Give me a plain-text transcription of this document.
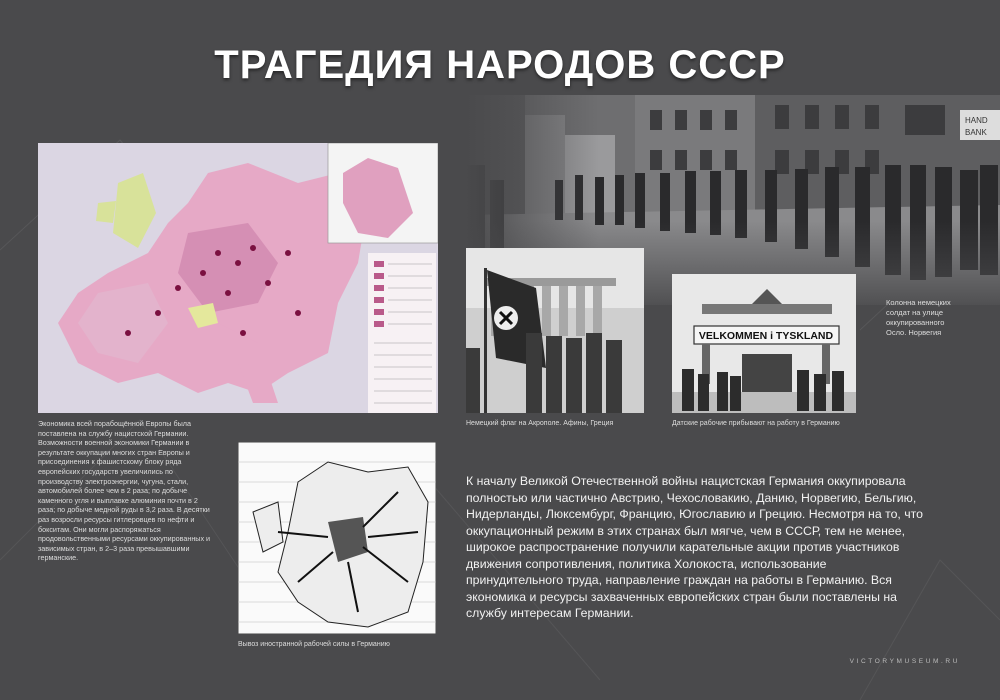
ТРАГЕДИЯ НАРОДОВ СССР
Экономика всей порабощённой Европы была поставлена на службу нацистской Германии. Возможности военной экономики Германии в результате оккупации многих стран Европы и присоединения к фашистскому блоку ряда европейских государств увеличились по производству электроэнергии, чугуна, стали, автомобилей более чем в 2 раза; по добыче каменного угля и выплавке алюминия почти в 2 раза; по добыче медной руды в 3,2 раза. В десятки раз возросли ресурсы гитлеровцев по нефти и бокситам. Они могли распоряжаться продовольственными ресурсами оккупированных и зависимых стран, в 2–3 раза превышавшими германские.
Немецкий флаг на Акрополе. Афины, Греция
VELKOMMEN i TYSKLAND
Датские рабочие прибывают на работу в Германию
Колонна немецких солдат на улице оккупированного Осло. Норвегия
Вывоз иностранной рабочей силы в Германию
К началу Великой Отечественной войны нацистская Германия оккупировала полностью или частично Австрию, Чехословакию, Данию, Норвегию, Бельгию, Нидерланды, Люксембург, Францию, Югославию и Грецию. Несмотря на то, что оккупационный режим в этих странах был мягче, чем в СССР, тем не менее, широкое распространение получили карательные акции против участников движения сопротивления, политика Холокоста, использование принудительного труда, направление граждан на работы в Германию. Вся экономика и ресурсы захваченных европейских стран были поставлены на службу интересам Германии.
VICTORYMUSEUM.RU
